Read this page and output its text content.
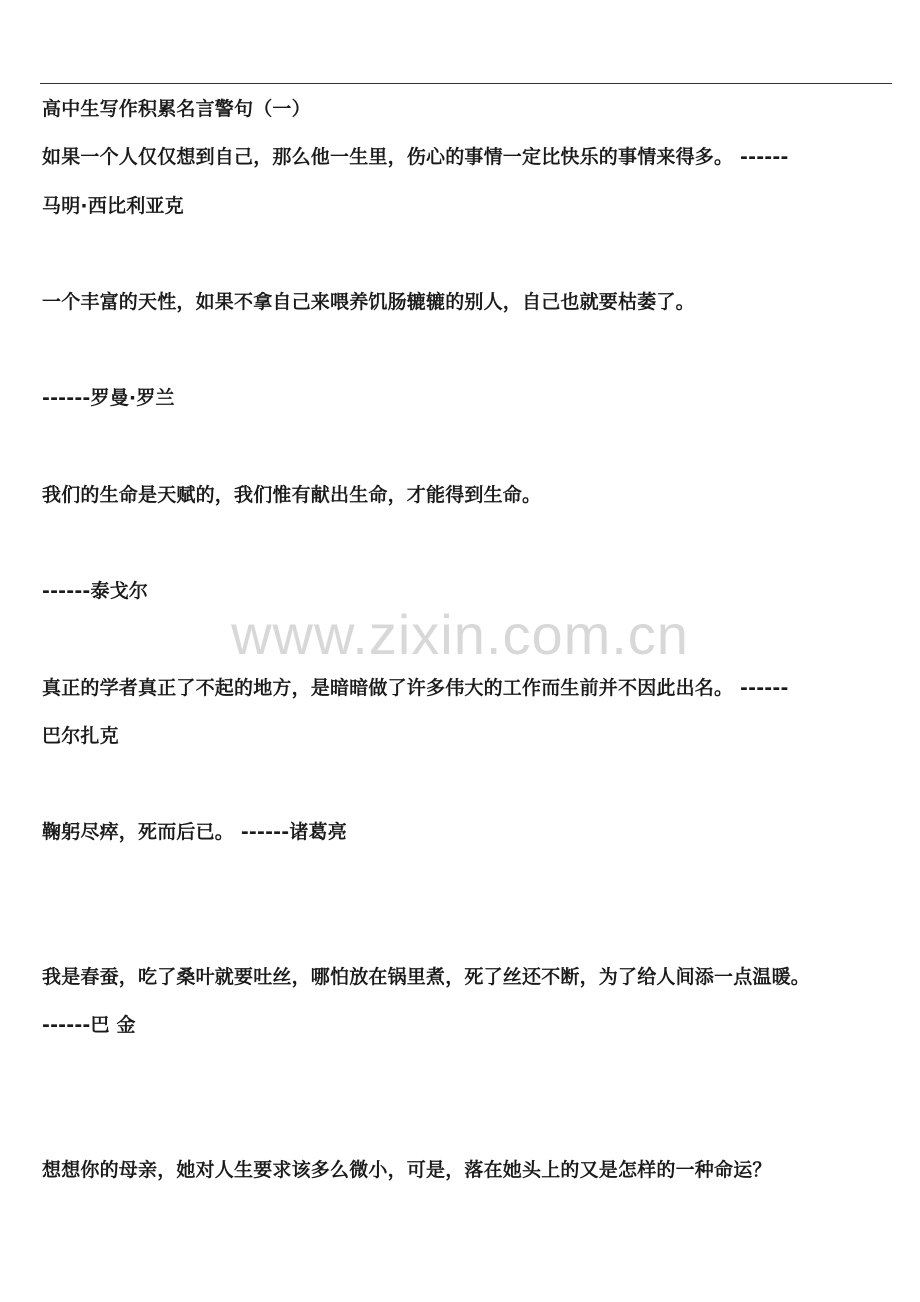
高中生写作积累名言警句（一）
如果一个人仅仅想到自己，那么他一生里，伤心的事情一定比快乐的事情来得多。 ------
马明·西比利亚克
一个丰富的天性，如果不拿自己来喂养饥肠辘辘的别人，自己也就要枯萎了。
------罗曼·罗兰
我们的生命是天赋的，我们惟有献出生命，才能得到生命。
------泰戈尔
www.zixin.com.cn
真正的学者真正了不起的地方，是暗暗做了许多伟大的工作而生前并不因此出名。 ------
巴尔扎克
鞠躬尽瘁，死而后已。 ------诸葛亮
我是春蚕，吃了桑叶就要吐丝，哪怕放在锅里煮，死了丝还不断，为了给人间添一点温暖。
------巴 金
想想你的母亲，她对人生要求该多么微小，可是，落在她头上的又是怎样的一种命运？
